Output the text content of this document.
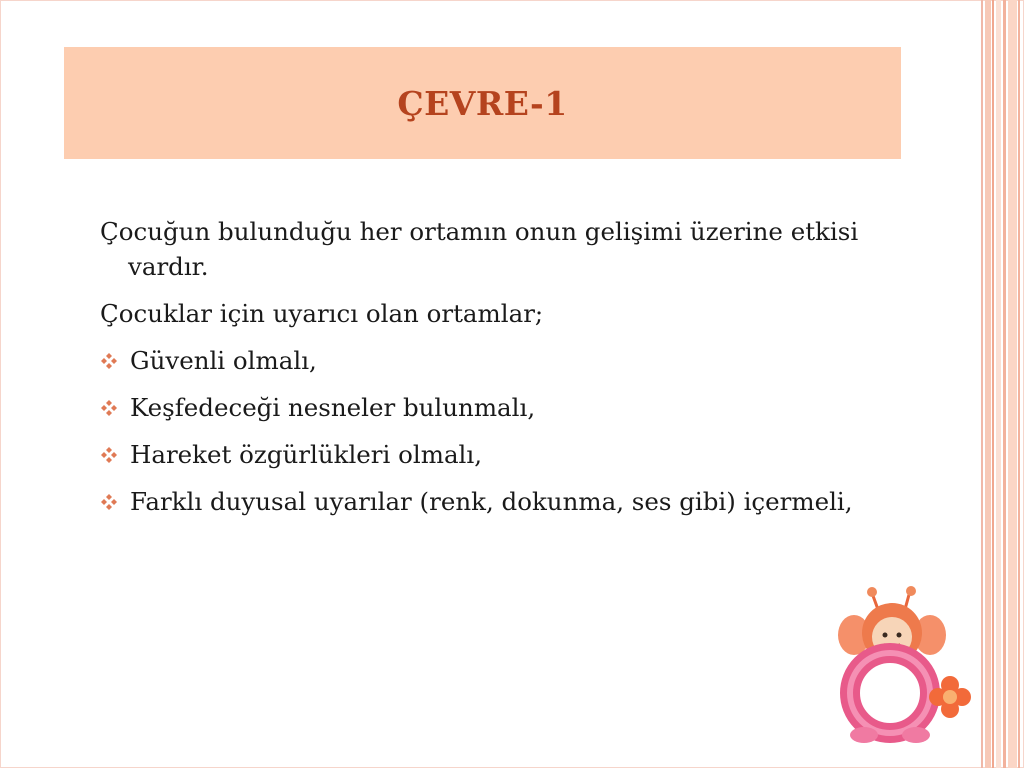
ÇEVRE-1
Çocuğun bulunduğu her ortamın onun gelişimi üzerine etkisi vardır.
Çocuklar için uyarıcı olan ortamlar;
Güvenli olmalı,
Keşfedeceği nesneler bulunmalı,
Hareket özgürlükleri olmalı,
Farklı duyusal uyarılar (renk, dokunma, ses gibi) içermeli,
